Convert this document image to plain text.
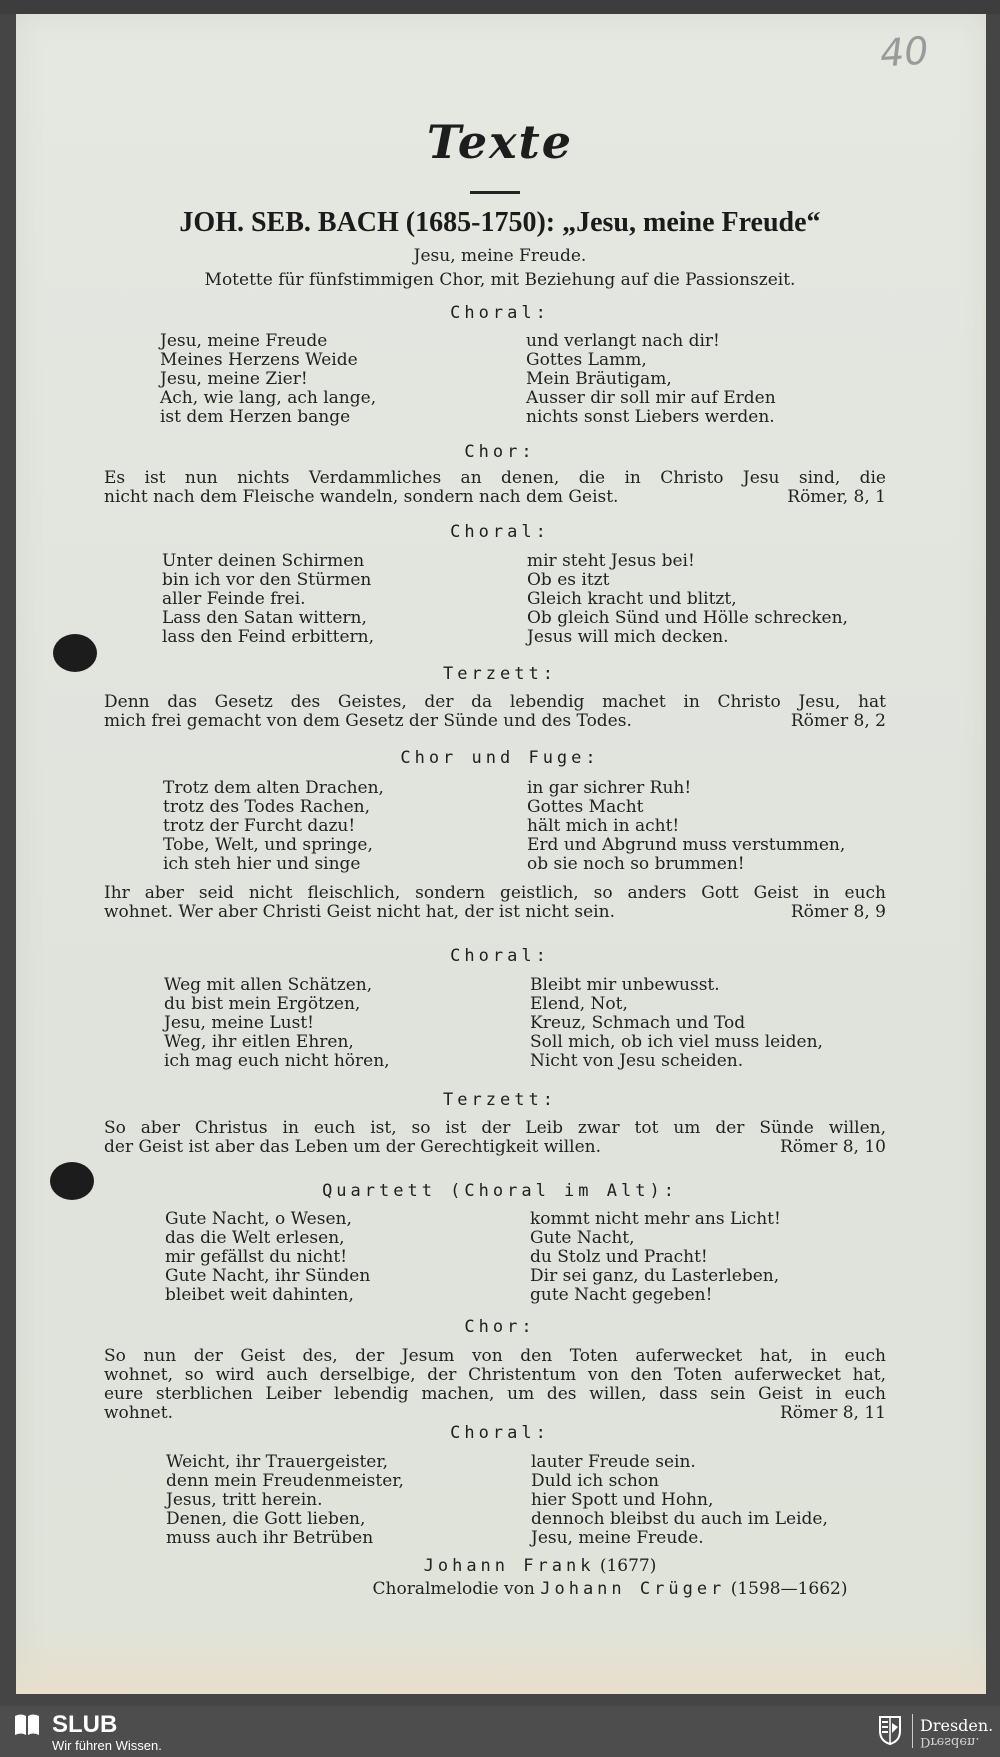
40
Texte
JOH. SEB. BACH (1685-1750): „Jesu, meine Freude“
Jesu, meine Freude.
Motette für fünfstimmigen Chor, mit Beziehung auf die Passionszeit.
Choral:
Jesu, meine Freude
Meines Herzens Weide
Jesu, meine Zier!
Ach, wie lang, ach lange,
ist dem Herzen bange
und verlangt nach dir!
Gottes Lamm,
Mein Bräutigam,
Ausser dir soll mir auf Erden
nichts sonst Liebers werden.
Chor:
Es ist nun nichts Verdammliches an denen, die in Christo Jesu sind, die
nicht nach dem Fleische wandeln, sondern nach dem Geist.	Römer, 8, 1
Choral:
Unter deinen Schirmen
bin ich vor den Stürmen
aller Feinde frei.
Lass den Satan wittern,
lass den Feind erbittern,
mir steht Jesus bei!
Ob es itzt
Gleich kracht und blitzt,
Ob gleich Sünd und Hölle schrecken,
Jesus will mich decken.
Terzett:
Denn das Gesetz des Geistes, der da lebendig machet in Christo Jesu, hat
mich frei gemacht von dem Gesetz der Sünde und des Todes.	Römer 8, 2
Chor und Fuge:
Trotz dem alten Drachen,
trotz des Todes Rachen,
trotz der Furcht dazu!
Tobe, Welt, und springe,
ich steh hier und singe
in gar sichrer Ruh!
Gottes Macht
hält mich in acht!
Erd und Abgrund muss verstummen,
ob sie noch so brummen!
Ihr aber seid nicht fleischlich, sondern geistlich, so anders Gott Geist in euch
wohnet. Wer aber Christi Geist nicht hat, der ist nicht sein.	Römer 8, 9
Choral:
Weg mit allen Schätzen,
du bist mein Ergötzen,
Jesu, meine Lust!
Weg, ihr eitlen Ehren,
ich mag euch nicht hören,
Bleibt mir unbewusst.
Elend, Not,
Kreuz, Schmach und Tod
Soll mich, ob ich viel muss leiden,
Nicht von Jesu scheiden.
Terzett:
So aber Christus in euch ist, so ist der Leib zwar tot um der Sünde willen,
der Geist ist aber das Leben um der Gerechtigkeit willen.	Römer 8, 10
Quartett (Choral im Alt):
Gute Nacht, o Wesen,
das die Welt erlesen,
mir gefällst du nicht!
Gute Nacht, ihr Sünden
bleibet weit dahinten,
kommt nicht mehr ans Licht!
Gute Nacht,
du Stolz und Pracht!
Dir sei ganz, du Lasterleben,
gute Nacht gegeben!
Chor:
So nun der Geist des, der Jesum von den Toten auferwecket hat, in euch
wohnet, so wird auch derselbige, der Christentum von den Toten auferwecket hat,
eure sterblichen Leiber lebendig machen, um des willen, dass sein Geist in euch
wohnet.	Römer 8, 11
Choral:
Weicht, ihr Trauergeister,
denn mein Freudenmeister,
Jesus, tritt herein.
Denen, die Gott lieben,
muss auch ihr Betrüben
lauter Freude sein.
Duld ich schon
hier Spott und Hohn,
dennoch bleibst du auch im Leide,
Jesu, meine Freude.
Johann Frank (1677)
Choralmelodie von Johann Crüger (1598—1662)
SLUB
Wir führen Wissen.
Dresden.
Dresden.
